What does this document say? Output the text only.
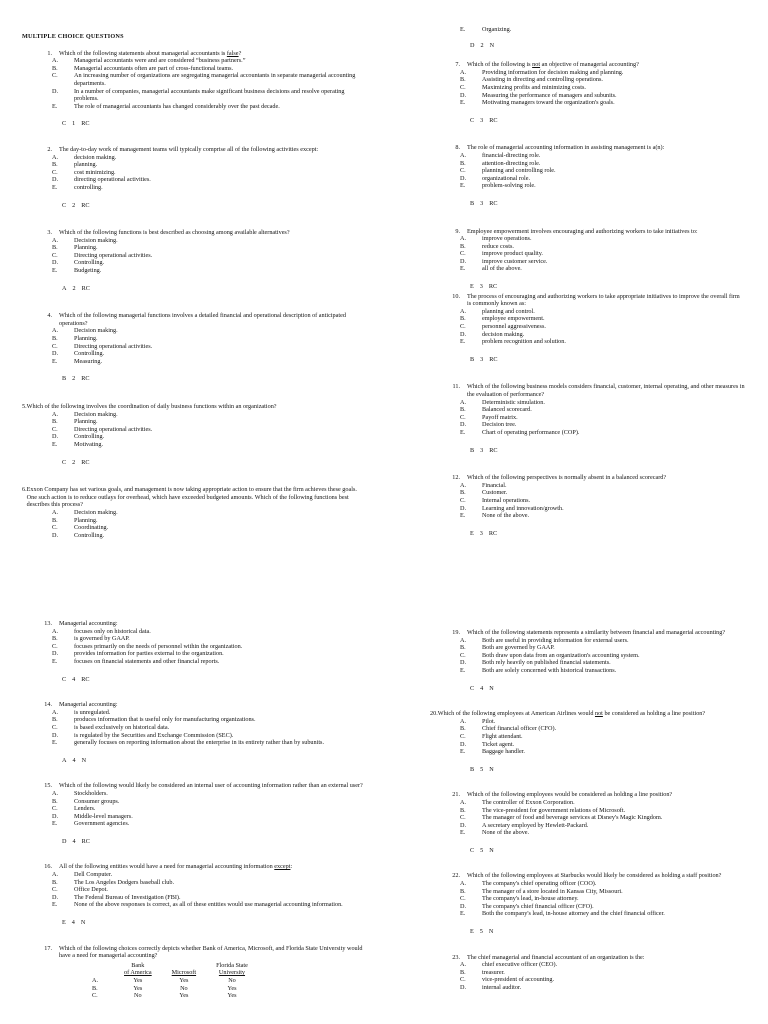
MULTIPLE CHOICE QUESTIONS
1.	Which of the following statements about managerial accountants is false?
A.	Managerial accountants were and are considered “business partners.”
B.	Managerial accountants often are part of cross-functional teams.
C.	An increasing number of organizations are segregating managerial accountants in separate managerial accounting departments.
D.	In a number of companies, managerial accountants make significant business decisions and resolve operating problems.
E.	The role of managerial accountants has changed considerably over the past decade.
C 1 RC
2.	The day-to-day work of management teams will typically comprise all of the following activities except:
A.	decision making.
B.	planning.
C.	cost minimizing.
D.	directing operational activities.
E.	controlling.
C 2 RC
3.	Which of the following functions is best described as choosing among available alternatives?
A.	Decision making.
B.	Planning.
C.	Directing operational activities.
D.	Controlling.
E.	Budgeting.
A 2 RC
4.	Which of the following managerial functions involves a detailed financial and operational description of anticipated operations?
A.	Decision making.
B.	Planning.
C.	Directing operational activities.
D.	Controlling.
E.	Measuring.
B 2 RC
5. Which of the following involves the coordination of daily business functions within an organization?
A.	Decision making.
B.	Planning.
C.	Directing operational activities.
D.	Controlling.
E.	Motivating.
C 2 RC
6. Exxon Company has set various goals, and management is now taking appropriate action to ensure that the firm achieves these goals. One such action is to reduce outlays for overhead, which have exceeded budgeted amounts. Which of the following functions best describes this process?
A.	Decision making.
B.	Planning.
C.	Coordinating.
D.	Controlling.
E.	Organizing.
D 2 N
7.	Which of the following is not an objective of managerial accounting?
A.	Providing information for decision making and planning.
B.	Assisting in directing and controlling operations.
C.	Maximizing profits and minimizing costs.
D.	Measuring the performance of managers and subunits.
E.	Motivating managers toward the organization's goals.
C 3 RC
8.	The role of managerial accounting information in assisting management is a(n):
A.	financial-directing role.
B.	attention-directing role.
C.	planning and controlling role.
D.	organizational role.
E.	problem-solving role.
B 3 RC
9.	Employee empowerment involves encouraging and authorizing workers to take initiatives to:
A.	improve operations.
B.	reduce costs.
C.	improve product quality.
D.	improve customer service.
E.	all of the above.
E 3 RC
10.	The process of encouraging and authorizing workers to take appropriate initiatives to improve the overall firm is commonly known as:
A.	planning and control.
B.	employee empowerment.
C.	personnel aggressiveness.
D.	decision making.
E.	problem recognition and solution.
B 3 RC
11.	Which of the following business models considers financial, customer, internal operating, and other measures in the evaluation of performance?
A.	Deterministic simulation.
B.	Balanced scorecard.
C.	Payoff matrix.
D.	Decision tree.
E.	Chart of operating performance (COP).
B 3 RC
12.	Which of the following perspectives is normally absent in a balanced scorecard?
A.	Financial.
B.	Customer.
C.	Internal operations.
D.	Learning and innovation/growth.
E.	None of the above.
E 3 RC
13.	Managerial accounting:
A.	focuses only on historical data.
B.	is governed by GAAP.
C.	focuses primarily on the needs of personnel within the organization.
D.	provides information for parties external to the organization.
E.	focuses on financial statements and other financial reports.
C 4 RC
14.	Managerial accounting:
A.	is unregulated.
B.	produces information that is useful only for manufacturing organizations.
C.	is based exclusively on historical data.
D.	is regulated by the Securities and Exchange Commission (SEC).
E.	generally focuses on reporting information about the enterprise in its entirety rather than by subunits.
A 4 N
15.	Which of the following would likely be considered an internal user of accounting information rather than an external user?
A.	Stockholders.
B.	Consumer groups.
C.	Lenders.
D.	Middle-level managers.
E.	Government agencies.
D 4 RC
16.	All of the following entities would have a need for managerial accounting information except:
A.	Dell Computer.
B.	The Los Angeles Dodgers baseball club.
C.	Office Depot.
D.	The Federal Bureau of Investigation (FBI).
E.	None of the above responses is correct, as all of these entities would use managerial accounting information.
E 4 N
17.	Which of the following choices correctly depicts whether Bank of America, Microsoft, and Florida State University would have a need for managerial accounting?
	Bank		Florida State
	of America	Microsoft	University
A.	Yes	Yes	No
B.	Yes	No	Yes
C.	No	Yes	Yes
19.	Which of the following statements represents a similarity between financial and managerial accounting?
A.	Both are useful in providing information for external users.
B.	Both are governed by GAAP.
C.	Both draw upon data from an organization's accounting system.
D.	Both rely heavily on published financial statements.
E.	Both are solely concerned with historical transactions.
C 4 N
20. Which of the following employees at American Airlines would not be considered as holding a line position?
A.	Pilot.
B.	Chief financial officer (CFO).
C.	Flight attendant.
D.	Ticket agent.
E.	Baggage handler.
B 5 N
21.	Which of the following employees would be considered as holding a line position?
A.	The controller of Exxon Corporation.
B.	The vice-president for government relations of Microsoft.
C.	The manager of food and beverage services at Disney's Magic Kingdom.
D.	A secretary employed by Hewlett-Packard.
E.	None of the above.
C 5 N
22.	Which of the following employees at Starbucks would likely be considered as holding a staff position?
A.	The company's chief operating officer (COO).
B.	The manager of a store located in Kansas City, Missouri.
C.	The company's lead, in-house attorney.
D.	The company's chief financial officer (CFO).
E.	Both the company's lead, in-house attorney and the chief financial officer.
E 5 N
23.	The chief managerial and financial accountant of an organization is the:
A.	chief executive officer (CEO).
B.	treasurer.
C.	vice-president of accounting.
D.	internal auditor.
